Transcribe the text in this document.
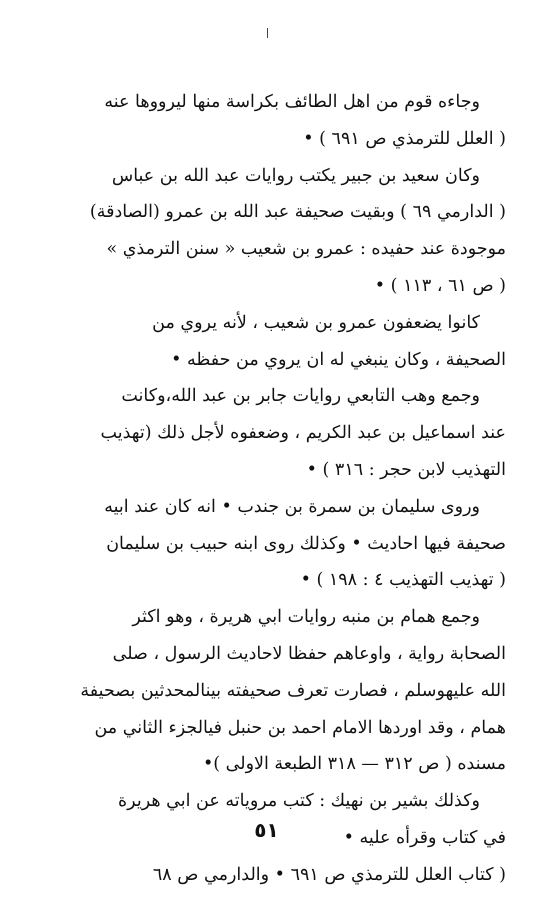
وجاءه قوم من اهل الطائف بكراسة منها ليرووها عنه
( العلل للترمذي ص ٦٩١ ) •
وكان سعيد بن جبير يكتب روايات عبد الله بن عباس
( الدارمي ٦٩ ) وبقيت صحيفة عبد الله بن عمرو (الصادقة)
موجودة عند حفيده : عمرو بن شعيب « سنن الترمذي »
( ص ٦١ ، ١١٣ ) •
كانوا يضعفون عمرو بن شعيب ، لأنه يروي من
الصحيفة ، وكان ينبغي له ان يروي من حفظه •
وجمع وهب التابعي روايات جابر بن عبد الله،وكانت
عند اسماعيل بن عبد الكريم ، وضعفوه لأجل ذلك (تهذيب
التهذيب لابن حجر : ٣١٦ ) •
وروى سليمان بن سمرة بن جندب • انه كان عند ابيه
صحيفة فيها احاديث • وكذلك روى ابنه حبيب بن سليمان
( تهذيب التهذيب ٤ : ١٩٨ ) •
وجمع همام بن منبه روايات ابي هريرة ، وهو اكثر
الصحابة رواية ، واوعاهم حفظا لاحاديث الرسول ، صلى
الله عليهوسلم ، فصارت تعرف صحيفته بينالمحدثين بصحيفة
همام ، وقد اوردها الامام احمد بن حنبل فيالجزء الثاني من
مسنده ( ص ٣١٢ — ٣١٨ الطبعة الاولى )•
وكذلك بشير بن نهيك : كتب مروياته عن ابي هريرة
في كتاب وقرأه عليه •
( كتاب العلل للترمذي ص ٦٩١ • والدارمي ص ٦٨
٥١
